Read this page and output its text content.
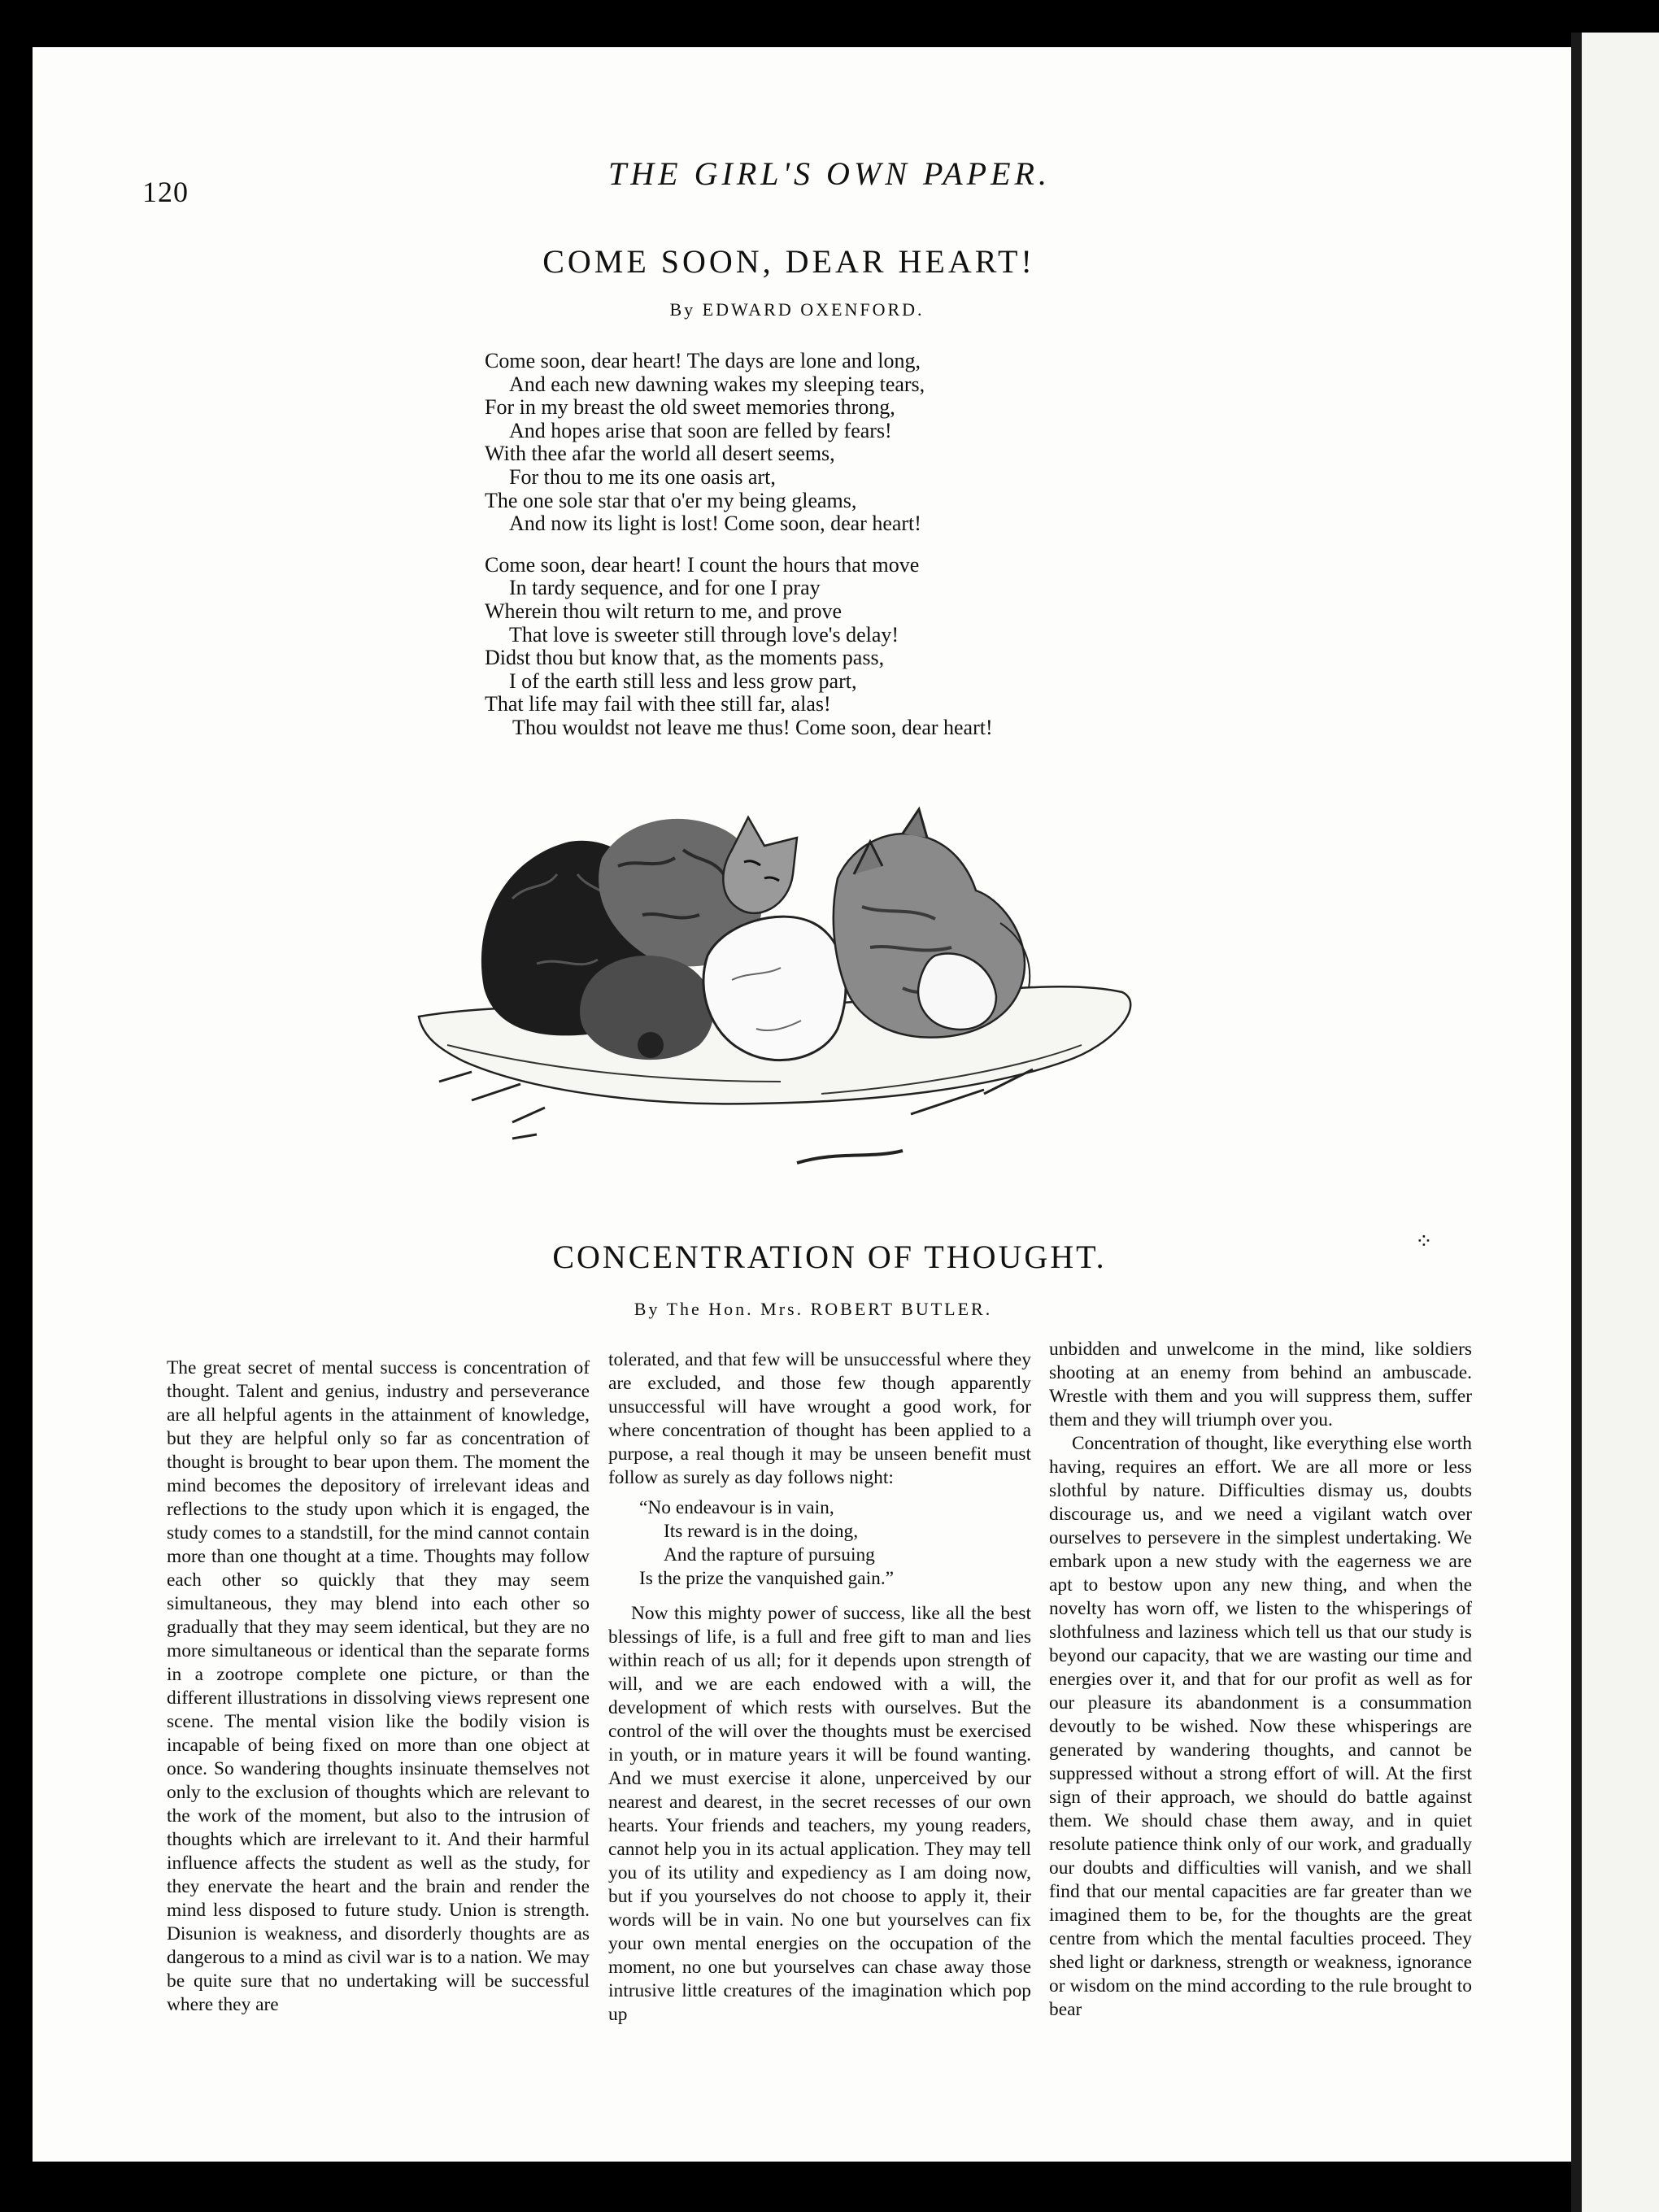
120	THE GIRL'S OWN PAPER.
COME SOON, DEAR HEART!
By EDWARD OXENFORD.
Come soon, dear heart! The days are lone and long,
And each new dawning wakes my sleeping tears,
For in my breast the old sweet memories throng,
And hopes arise that soon are felled by fears!
With thee afar the world all desert seems,
For thou to me its one oasis art,
The one sole star that o'er my being gleams,
And now its light is lost! Come soon, dear heart!
Come soon, dear heart! I count the hours that move
In tardy sequence, and for one I pray
Wherein thou wilt return to me, and prove
That love is sweeter still through love's delay!
Didst thou but know that, as the moments pass,
I of the earth still less and less grow part,
That life may fail with thee still far, alas!
Thou wouldst not leave me thus! Come soon, dear heart!
CONCENTRATION OF THOUGHT.	⁘
By The Hon. Mrs. ROBERT BUTLER.

The great secret of mental success is concentration of thought. Talent and genius, industry and perseverance are all helpful agents in the attainment of knowledge, but they are helpful only so far as concentration of thought is brought to bear upon them. The moment the mind becomes the depository of irrelevant ideas and reflections to the study upon which it is engaged, the study comes to a standstill, for the mind cannot contain more than one thought at a time. Thoughts may follow each other so quickly that they may seem simultaneous, they may blend into each other so gradually that they may seem identical, but they are no more simultaneous or identical than the separate forms in a zootrope complete one picture, or than the different illustrations in dissolving views represent one scene. The mental vision like the bodily vision is incapable of being fixed on more than one object at once. So wandering thoughts insinuate themselves not only to the exclusion of thoughts which are relevant to the work of the moment, but also to the intrusion of thoughts which are irrelevant to it. And their harmful influence affects the student as well as the study, for they enervate the heart and the brain and render the mind less disposed to future study. Union is strength. Disunion is weakness, and disorderly thoughts are as dangerous to a mind as civil war is to a nation. We may be quite sure that no undertaking will be successful where they are

tolerated, and that few will be unsuccessful where they are excluded, and those few though apparently unsuccessful will have wrought a good work, for where concentration of thought has been applied to a purpose, a real though it may be unseen benefit must follow as surely as day follows night:

“No endeavour is in vain,
Its reward is in the doing,
And the rapture of pursuing
Is the prize the vanquished gain.”

Now this mighty power of success, like all the best blessings of life, is a full and free gift to man and lies within reach of us all; for it depends upon strength of will, and we are each endowed with a will, the development of which rests with ourselves. But the control of the will over the thoughts must be exercised in youth, or in mature years it will be found wanting. And we must exercise it alone, unperceived by our nearest and dearest, in the secret recesses of our own hearts. Your friends and teachers, my young readers, cannot help you in its actual application. They may tell you of its utility and expediency as I am doing now, but if you yourselves do not choose to apply it, their words will be in vain. No one but yourselves can fix your own mental energies on the occupation of the moment, no one but yourselves can chase away those intrusive little creatures of the imagination which pop up

unbidden and unwelcome in the mind, like soldiers shooting at an enemy from behind an ambuscade. Wrestle with them and you will suppress them, suffer them and they will triumph over you.

Concentration of thought, like everything else worth having, requires an effort. We are all more or less slothful by nature. Difficulties dismay us, doubts discourage us, and we need a vigilant watch over ourselves to persevere in the simplest undertaking. We embark upon a new study with the eagerness we are apt to bestow upon any new thing, and when the novelty has worn off, we listen to the whisperings of slothfulness and laziness which tell us that our study is beyond our capacity, that we are wasting our time and energies over it, and that for our profit as well as for our pleasure its abandonment is a consummation devoutly to be wished. Now these whisperings are generated by wandering thoughts, and cannot be suppressed without a strong effort of will. At the first sign of their approach, we should do battle against them. We should chase them away, and in quiet resolute patience think only of our work, and gradually our doubts and difficulties will vanish, and we shall find that our mental capacities are far greater than we imagined them to be, for the thoughts are the great centre from which the mental faculties proceed. They shed light or darkness, strength or weakness, ignorance or wisdom on the mind according to the rule brought to bear
